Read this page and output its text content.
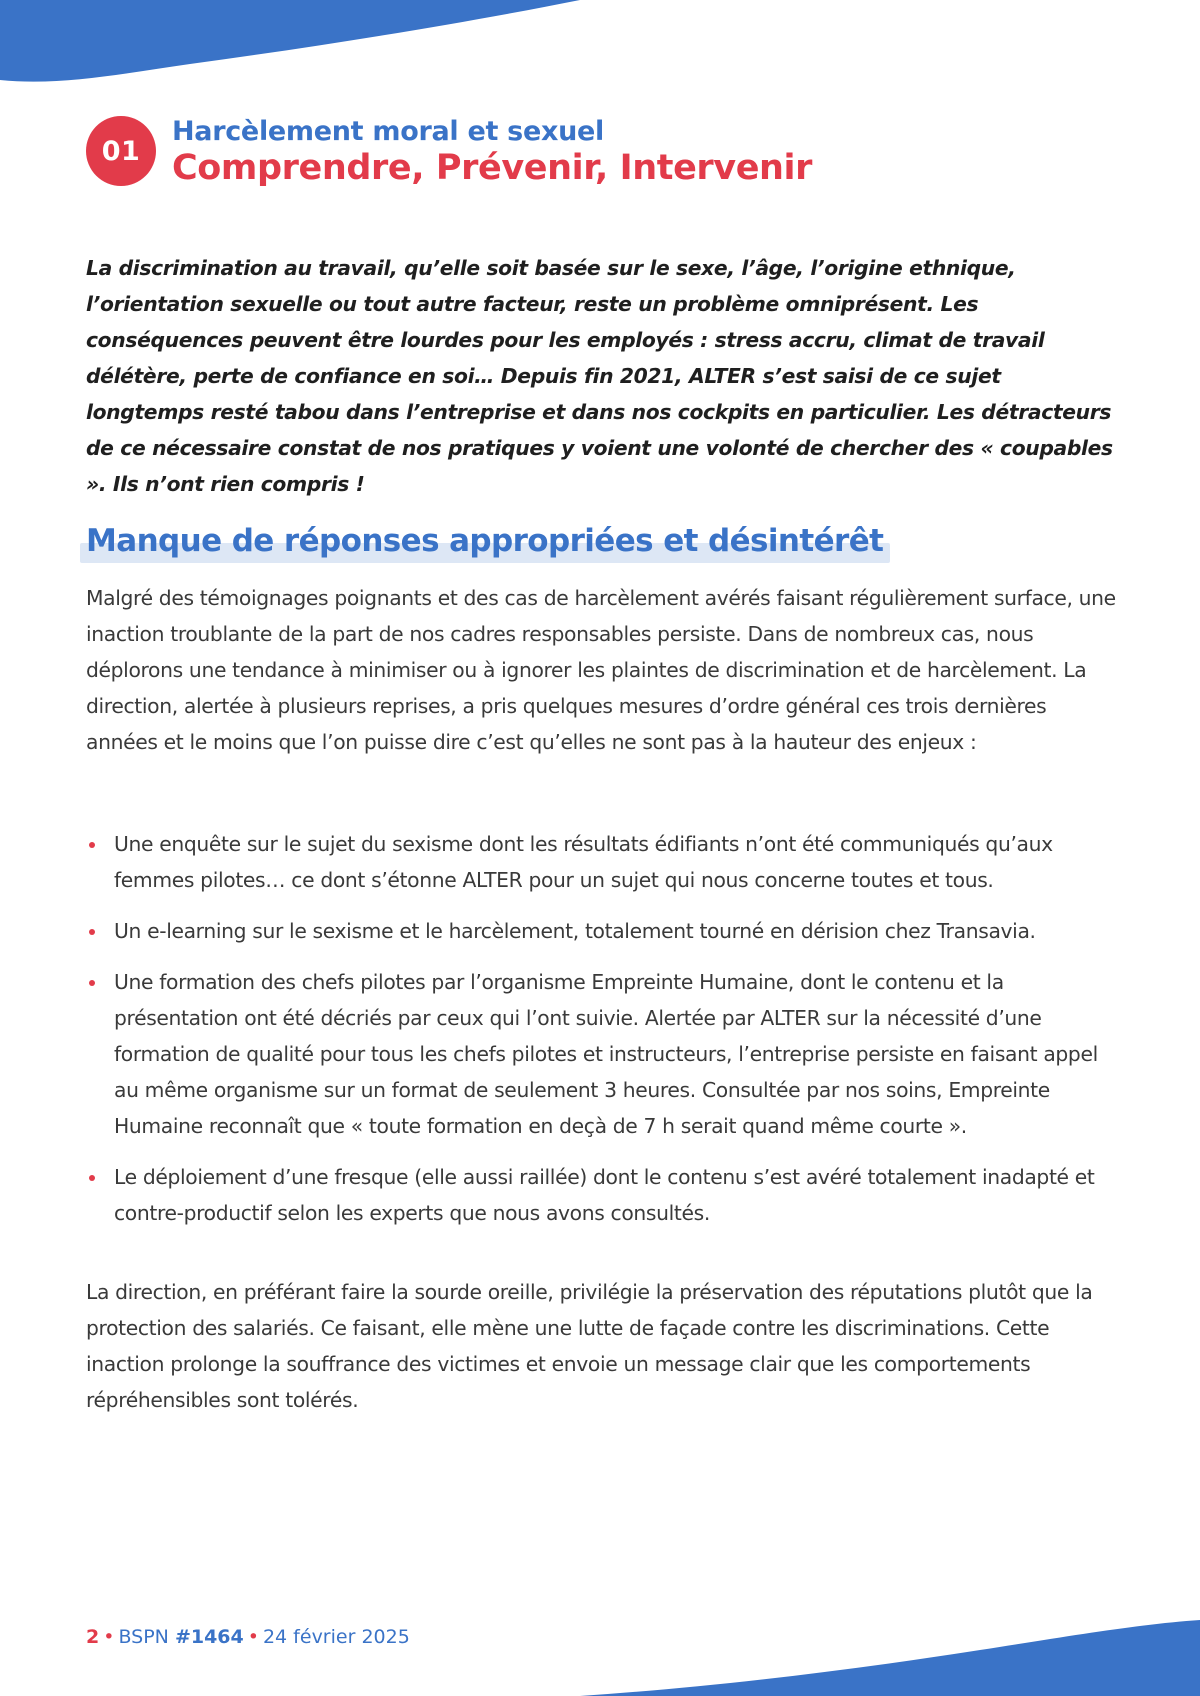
01
Harcèlement moral et sexuel
Comprendre, Prévenir, Intervenir

La discrimination au travail, qu’elle soit basée sur le sexe, l’âge, l’origine ethnique, l’orientation sexuelle ou tout autre facteur, reste un problème omniprésent. Les conséquences peuvent être lourdes pour les employés : stress accru, climat de travail délétère, perte de confiance en soi… Depuis fin 2021, ALTER s’est saisi de ce sujet longtemps resté tabou dans l’entreprise et dans nos cockpits en particulier. Les détracteurs de ce nécessaire constat de nos pratiques y voient une volonté de chercher des « coupables ». Ils n’ont rien compris !

Manque de réponses appropriées et désintérêt

Malgré des témoignages poignants et des cas de harcèlement avérés faisant régulièrement surface, une inaction troublante de la part de nos cadres responsables persiste. Dans de nombreux cas, nous déplorons une tendance à minimiser ou à ignorer les plaintes de discrimination et de harcèlement. La direction, alertée à plusieurs reprises, a pris quelques mesures d’ordre général ces trois dernières années et le moins que l’on puisse dire c’est qu’elles ne sont pas à la hauteur des enjeux :

Une enquête sur le sujet du sexisme dont les résultats édifiants n’ont été communiqués qu’aux femmes pilotes… ce dont s’étonne ALTER pour un sujet qui nous concerne toutes et tous.
Un e-learning sur le sexisme et le harcèlement, totalement tourné en dérision chez Transavia.
Une formation des chefs pilotes par l’organisme Empreinte Humaine, dont le contenu et la présentation ont été décriés par ceux qui l’ont suivie. Alertée par ALTER sur la nécessité d’une formation de qualité pour tous les chefs pilotes et instructeurs, l’entreprise persiste en faisant appel au même organisme sur un format de seulement 3 heures. Consultée par nos soins, Empreinte Humaine reconnaît que « toute formation en deçà de 7 h serait quand même courte ».
Le déploiement d’une fresque (elle aussi raillée) dont le contenu s’est avéré totalement inadapté et contre-productif selon les experts que nous avons consultés.

La direction, en préférant faire la sourde oreille, privilégie la préservation des réputations plutôt que la protection des salariés. Ce faisant, elle mène une lutte de façade contre les discriminations. Cette inaction prolonge la souffrance des victimes et envoie un message clair que les comportements répréhensibles sont tolérés.

2 • BSPN #1464 • 24 février 2025
